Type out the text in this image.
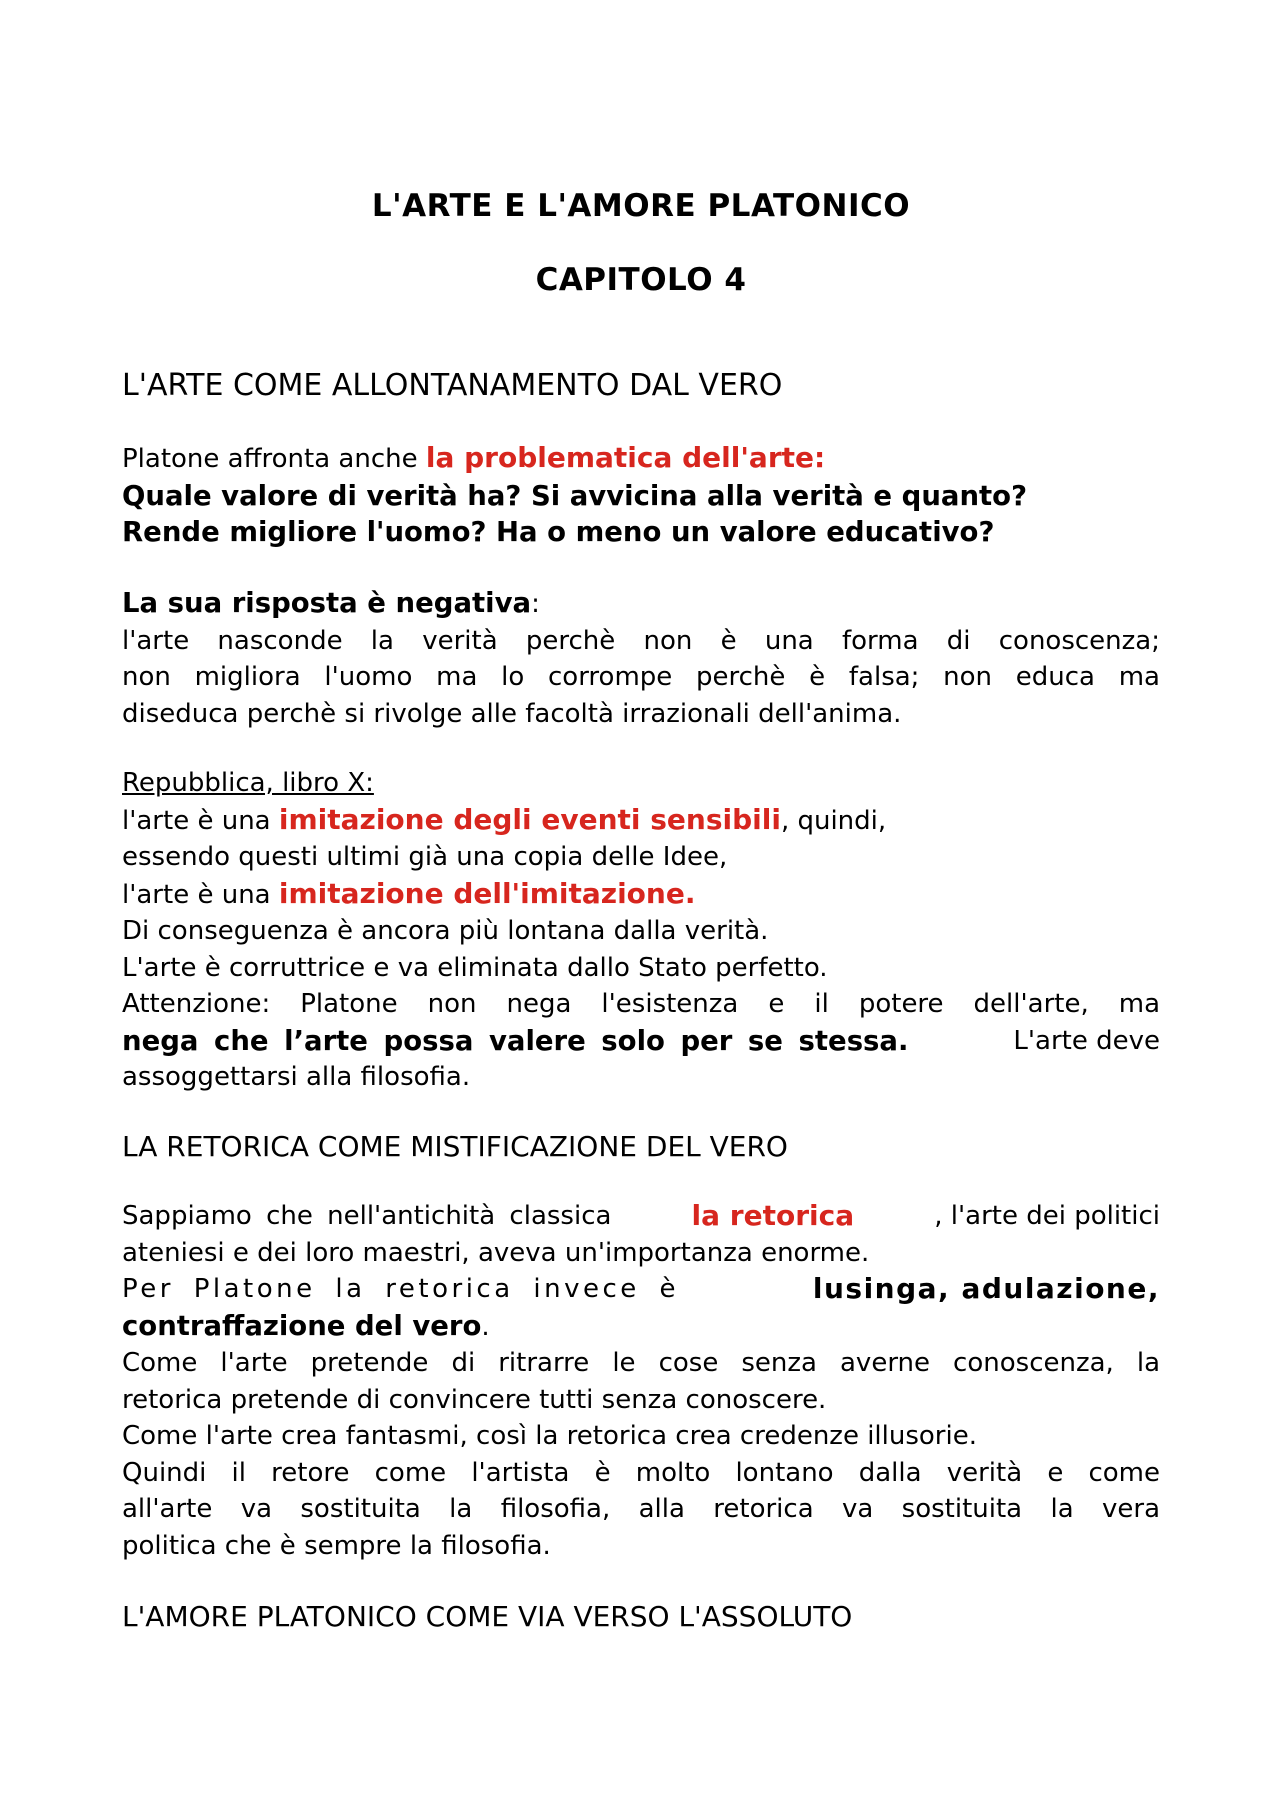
L'ARTE E L'AMORE PLATONICO
CAPITOLO 4
L'ARTE COME ALLONTANAMENTO DAL VERO
Platone affronta anche la problematica dell'arte:
Quale valore di verità ha? Si avvicina alla verità e quanto?
Rende migliore l'uomo? Ha o meno un valore educativo?
La sua risposta è negativa:
l'arte nasconde la verità perchè non è una forma di conoscenza;
non migliora l'uomo ma lo corrompe perchè è falsa; non educa ma
diseduca perchè si rivolge alle facoltà irrazionali dell'anima.
Repubblica, libro X:
l'arte è una imitazione degli eventi sensibili, quindi,
essendo questi ultimi già una copia delle Idee,
l'arte è una imitazione dell'imitazione.
Di conseguenza è ancora più lontana dalla verità.
L'arte è corruttrice e va eliminata dallo Stato perfetto.
Attenzione: Platone non nega l'esistenza e il potere dell'arte, ma
nega che l’arte possa valere solo per se stessa.	L'arte deve
assoggettarsi alla filosofia.
LA RETORICA COME MISTIFICAZIONE DEL VERO
Sappiamo che nell'antichità classica	la retorica	, l'arte dei politici
ateniesi e dei loro maestri, aveva un'importanza enorme.
Per Platone la retorica invece è	lusinga, adulazione,
contraffazione del vero.
Come l'arte pretende di ritrarre le cose senza averne conoscenza, la
retorica pretende di convincere tutti senza conoscere.
Come l'arte crea fantasmi, così la retorica crea credenze illusorie.
Quindi il retore come l'artista è molto lontano dalla verità e come
all'arte va sostituita la filosofia, alla retorica va sostituita la vera
politica che è sempre la filosofia.
L'AMORE PLATONICO COME VIA VERSO L'ASSOLUTO
